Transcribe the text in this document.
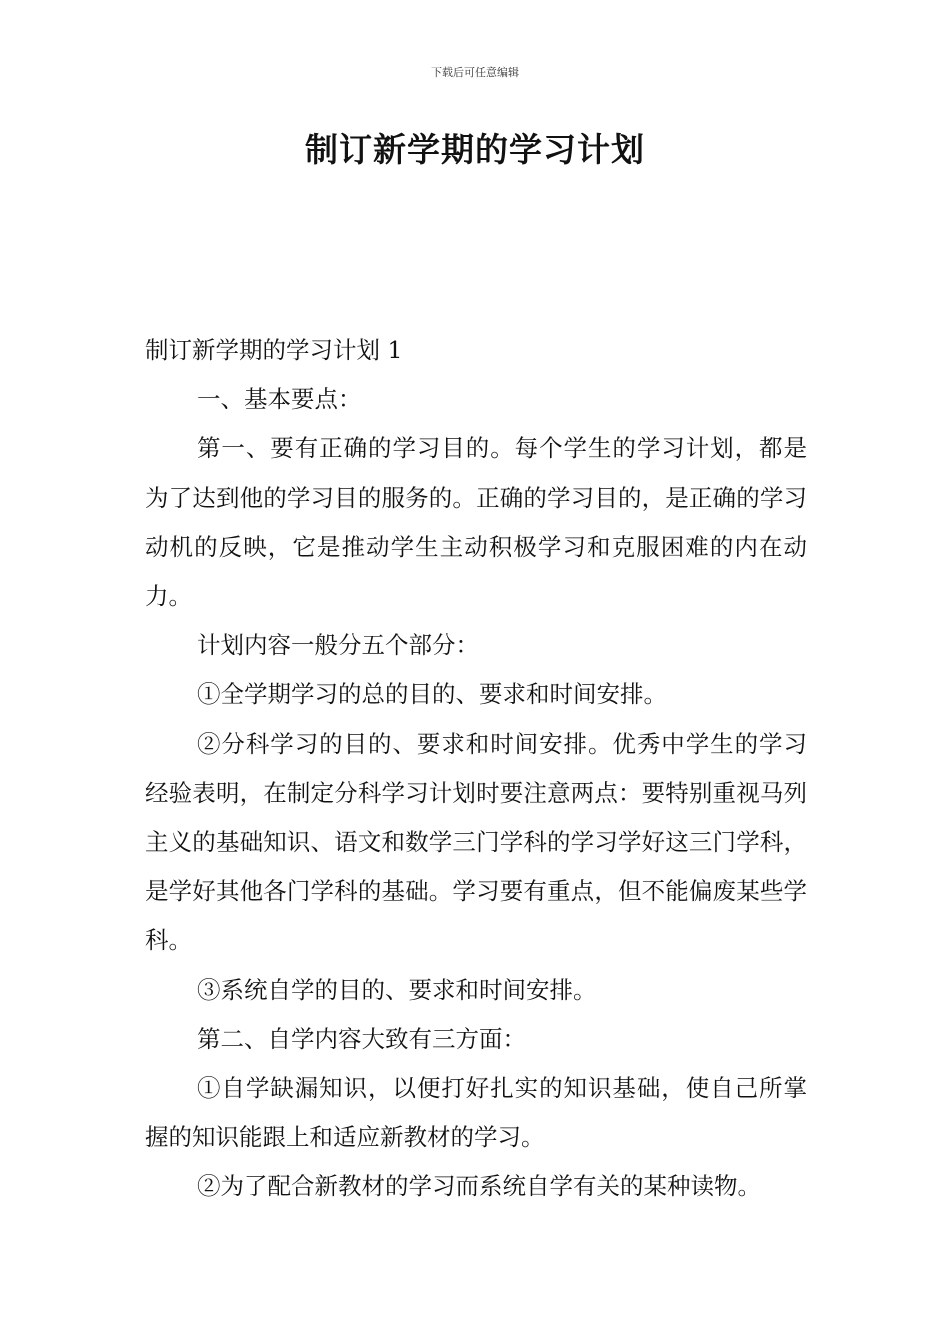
下载后可任意编辑
制订新学期的学习计划

制订新学期的学习计划 1

一、基本要点：

第一、要有正确的学习目的。每个学生的学习计划，都是为了达到他的学习目的服务的。正确的学习目的，是正确的学习动机的反映，它是推动学生主动积极学习和克服困难的内在动力。

计划内容一般分五个部分：

①全学期学习的总的目的、要求和时间安排。

②分科学习的目的、要求和时间安排。优秀中学生的学习经验表明，在制定分科学习计划时要注意两点：要特别重视马列主义的基础知识、语文和数学三门学科的学习学好这三门学科，是学好其他各门学科的基础。学习要有重点，但不能偏废某些学科。

③系统自学的目的、要求和时间安排。

第二、自学内容大致有三方面：

①自学缺漏知识，以便打好扎实的知识基础，使自己所掌握的知识能跟上和适应新教材的学习。

②为了配合新教材的学习而系统自学有关的某种读物。
